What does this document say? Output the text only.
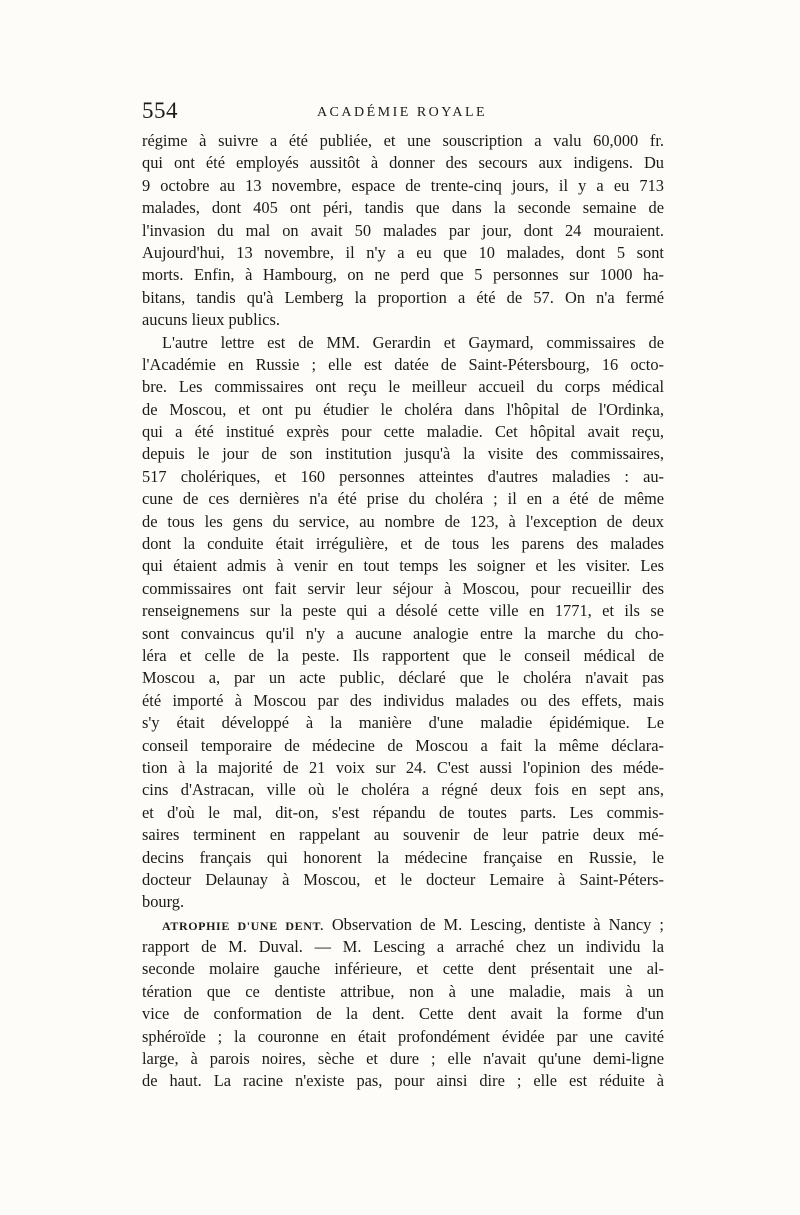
554	ACADÉMIE ROYALE
régime à suivre a été publiée, et une souscription a valu 60,000 fr.
qui ont été employés aussitôt à donner des secours aux indigens. Du
9 octobre au 13 novembre, espace de trente-cinq jours, il y a eu 713
malades, dont 405 ont péri, tandis que dans la seconde semaine de
l'invasion du mal on avait 50 malades par jour, dont 24 mouraient.
Aujourd'hui, 13 novembre, il n'y a eu que 10 malades, dont 5 sont
morts. Enfin, à Hambourg, on ne perd que 5 personnes sur 1000 ha-
bitans, tandis qu'à Lemberg la proportion a été de 57. On n'a fermé
aucuns lieux publics.
L'autre lettre est de MM. Gerardin et Gaymard, commissaires de
l'Académie en Russie ; elle est datée de Saint-Pétersbourg, 16 octo-
bre. Les commissaires ont reçu le meilleur accueil du corps médical
de Moscou, et ont pu étudier le choléra dans l'hôpital de l'Ordinka,
qui a été institué exprès pour cette maladie. Cet hôpital avait reçu,
depuis le jour de son institution jusqu'à la visite des commissaires,
517 cholériques, et 160 personnes atteintes d'autres maladies : au-
cune de ces dernières n'a été prise du choléra ; il en a été de même
de tous les gens du service, au nombre de 123, à l'exception de deux
dont la conduite était irrégulière, et de tous les parens des malades
qui étaient admis à venir en tout temps les soigner et les visiter. Les
commissaires ont fait servir leur séjour à Moscou, pour recueillir des
renseignemens sur la peste qui a désolé cette ville en 1771, et ils se
sont convaincus qu'il n'y a aucune analogie entre la marche du cho-
léra et celle de la peste. Ils rapportent que le conseil médical de
Moscou a, par un acte public, déclaré que le choléra n'avait pas
été importé à Moscou par des individus malades ou des effets, mais
s'y était développé à la manière d'une maladie épidémique. Le
conseil temporaire de médecine de Moscou a fait la même déclara-
tion à la majorité de 21 voix sur 24. C'est aussi l'opinion des méde-
cins d'Astracan, ville où le choléra a régné deux fois en sept ans,
et d'où le mal, dit-on, s'est répandu de toutes parts. Les commis-
saires terminent en rappelant au souvenir de leur patrie deux mé-
decins français qui honorent la médecine française en Russie, le
docteur Delaunay à Moscou, et le docteur Lemaire à Saint-Péters-
bourg.
ATROPHIE D'UNE DENT. Observation de M. Lescing, dentiste à Nancy ;
rapport de M. Duval. — M. Lescing a arraché chez un individu la
seconde molaire gauche inférieure, et cette dent présentait une al-
tération que ce dentiste attribue, non à une maladie, mais à un
vice de conformation de la dent. Cette dent avait la forme d'un
sphéroïde ; la couronne en était profondément évidée par une cavité
large, à parois noires, sèche et dure ; elle n'avait qu'une demi-ligne
de haut. La racine n'existe pas, pour ainsi dire ; elle est réduite à
